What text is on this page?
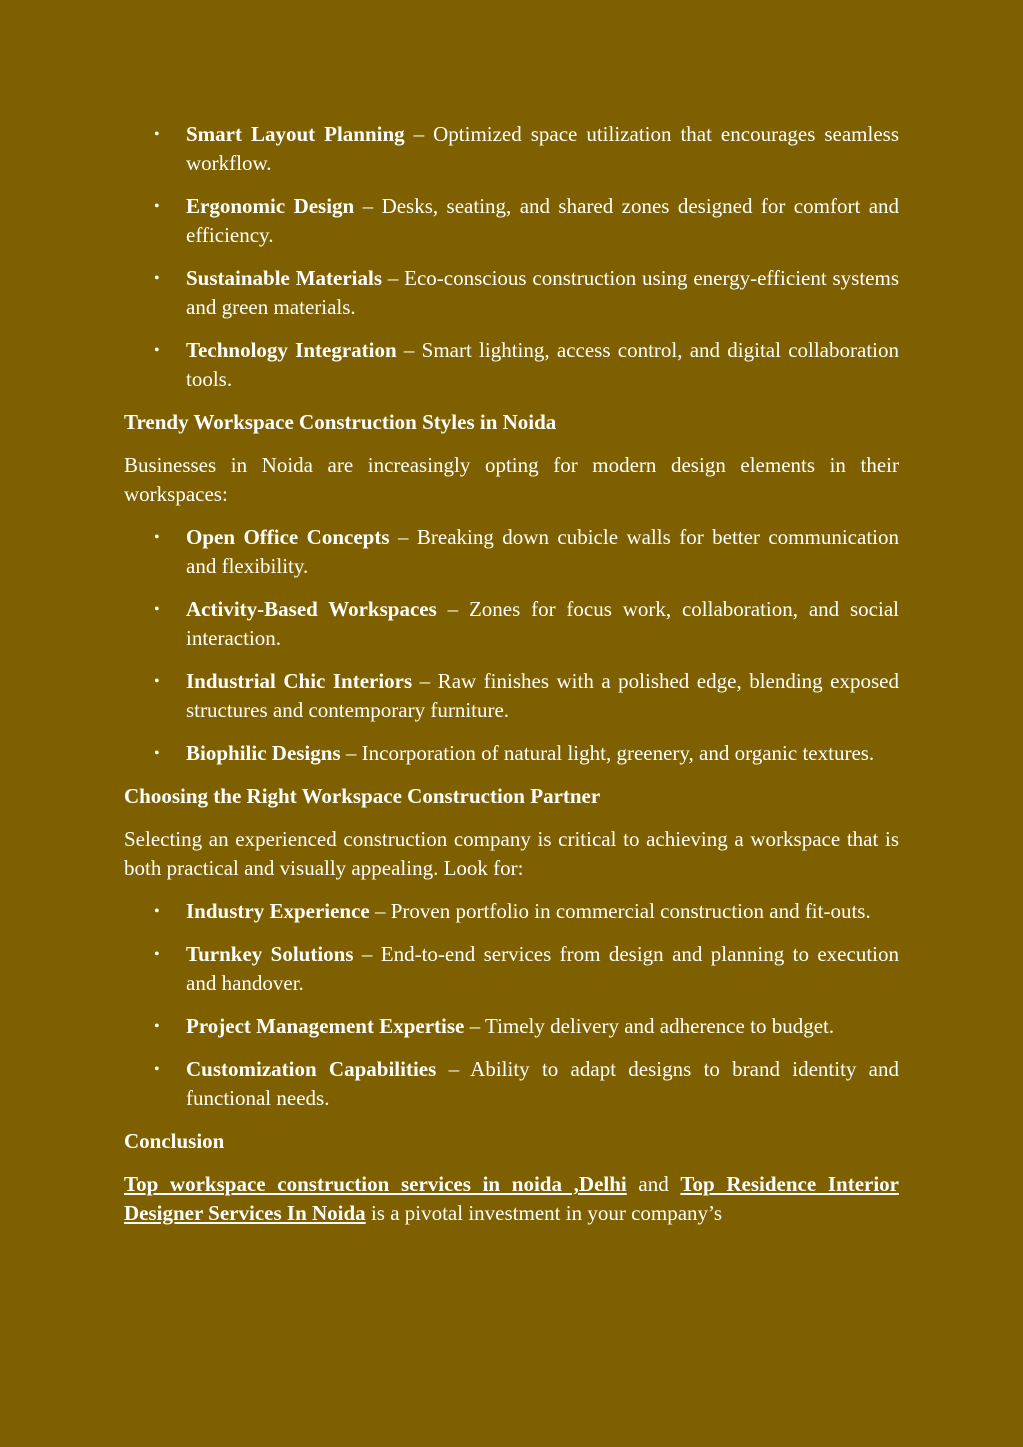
• Smart Layout Planning – Optimized space utilization that encourages seamless workflow.
• Ergonomic Design – Desks, seating, and shared zones designed for comfort and efficiency.
• Sustainable Materials – Eco-conscious construction using energy-efficient systems and green materials.
• Technology Integration – Smart lighting, access control, and digital collaboration tools.
Trendy Workspace Construction Styles in Noida

Businesses in Noida are increasingly opting for modern design elements in their workspaces:

• Open Office Concepts – Breaking down cubicle walls for better communication and flexibility.
• Activity-Based Workspaces – Zones for focus work, collaboration, and social interaction.
• Industrial Chic Interiors – Raw finishes with a polished edge, blending exposed structures and contemporary furniture.
• Biophilic Designs – Incorporation of natural light, greenery, and organic textures.
Choosing the Right Workspace Construction Partner

Selecting an experienced construction company is critical to achieving a workspace that is both practical and visually appealing. Look for:

• Industry Experience – Proven portfolio in commercial construction and fit-outs.
• Turnkey Solutions – End-to-end services from design and planning to execution and handover.
• Project Management Expertise – Timely delivery and adherence to budget.
• Customization Capabilities – Ability to adapt designs to brand identity and functional needs.
Conclusion

Top workspace construction services in noida ,Delhi and Top Residence Interior Designer Services In Noida is a pivotal investment in your company’s
